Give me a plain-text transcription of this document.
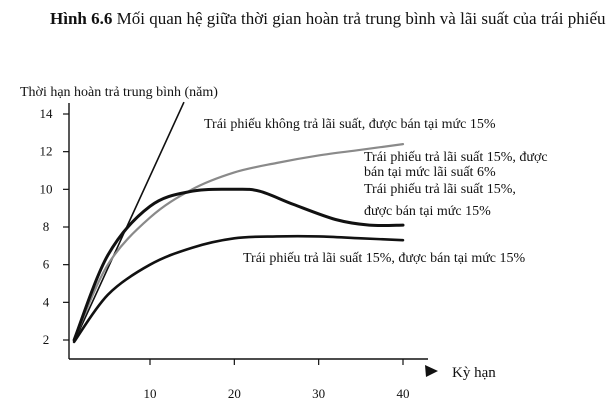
Hình 6.6 Mối quan hệ giữa thời gian hoàn trả trung bình và lãi suất của trái phiếu
Thời hạn hoàn trả trung bình (năm)
Kỳ hạn
2
4
6
8
10
12
14
10	20	30	40
Trái phiếu không trả lãi suất, được bán tại mức 15%
Trái phiếu trả lãi suất 15%, được
bán tại mức lãi suất 6%
Trái phiếu trả lãi suất 15%,
được bán tại mức 15%
Trái phiếu trả lãi suất 15%, được bán tại mức 15%
